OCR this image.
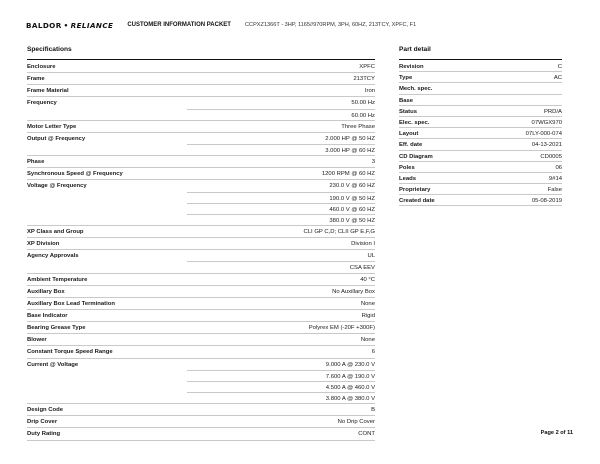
BALDOR • RELIANCE CUSTOMER INFORMATION PACKET	CCPXZ1366T - 3HP, 1165//970RPM, 3PH, 60HZ, 213TCY, XPFC, F1
Specifications	Part detail
Enclosure	XPFC
Frame	213TCY
Frame Material	Iron
Frequency	50.00 Hz
60.00 Hz
Motor Letter Type	Three Phase
Output @ Frequency	2.000 HP @ 50 HZ
3.000 HP @ 60 HZ
Phase	3
Synchronous Speed @ Frequency	1200 RPM @ 60 HZ
Voltage @ Frequency	230.0 V @ 60 HZ
190.0 V @ 50 HZ
460.0 V @ 60 HZ
380.0 V @ 50 HZ
XP Class and Group	CLI GP C,D; CLII GP E,F,G
XP Division	Division I
Agency Approvals	UL
CSA EEV
Ambient Temperature	40 °C
Auxillary Box	No Auxillary Box
Auxillary Box Lead Termination	None
Base Indicator	Rigid
Bearing Grease Type	Polyrex EM (-20F +300F)
Blower	None
Constant Torque Speed Range	6
Current @ Voltage	9.000 A @ 230.0 V
7.600 A @ 190.0 V
4.500 A @ 460.0 V
3.800 A @ 380.0 V
Design Code	B
Drip Cover	No Drip Cover
Duty Rating	CONT
Revision	C
Type	AC
Mech. spec.
Base
Status	PRD/A
Elec. spec.	07WGX970
Layout	07LY-000-074
Eff. date	04-13-2021
CD Diagram	CD0005
Poles	06
Leads	9#14
Proprietary	False
Created date	05-08-2019
Page 2 of 11
